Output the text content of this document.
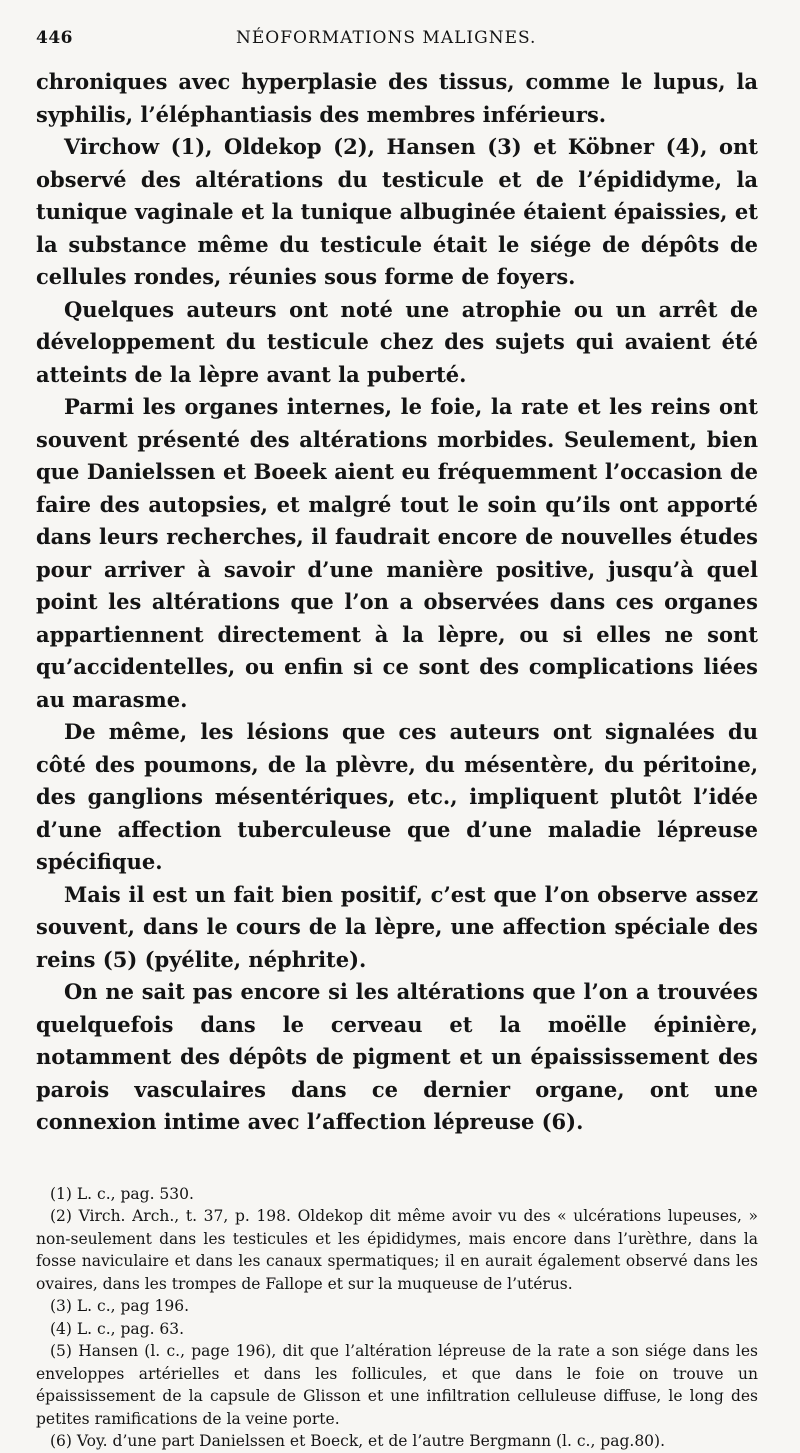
446	NÉOFORMATIONS MALIGNES.

chroniques avec hyperplasie des tissus, comme le lupus, la syphilis, l’éléphantiasis des membres inférieurs.

Virchow (1), Oldekop (2), Hansen (3) et Köbner (4), ont observé des altérations du testicule et de l’épididyme, la tunique vaginale et la tunique albuginée étaient épaissies, et la substance même du testicule était le siége de dépôts de cellules rondes, réunies sous forme de foyers.

Quelques auteurs ont noté une atrophie ou un arrêt de développement du testicule chez des sujets qui avaient été atteints de la lèpre avant la puberté.

Parmi les organes internes, le foie, la rate et les reins ont souvent présenté des altérations morbides. Seulement, bien que Danielssen et Boeek aient eu fréquemment l’occasion de faire des autopsies, et malgré tout le soin qu’ils ont apporté dans leurs recherches, il faudrait encore de nouvelles études pour arriver à savoir d’une manière positive, jusqu’à quel point les altérations que l’on a observées dans ces organes appartiennent directement à la lèpre, ou si elles ne sont qu’accidentelles, ou enfin si ce sont des complications liées au marasme.

De même, les lésions que ces auteurs ont signalées du côté des poumons, de la plèvre, du mésentère, du péritoine, des ganglions mésentériques, etc., impliquent plutôt l’idée d’une affection tuberculeuse que d’une maladie lépreuse spécifique.

Mais il est un fait bien positif, c’est que l’on observe assez souvent, dans le cours de la lèpre, une affection spéciale des reins (5) (pyélite, néphrite).

On ne sait pas encore si les altérations que l’on a trouvées quelquefois dans le cerveau et la moëlle épinière, notamment des dépôts de pigment et un épaississement des parois vasculaires dans ce dernier organe, ont une connexion intime avec l’affection lépreuse (6).

(1) L. c., pag. 530.

(2) Virch. Arch., t. 37, p. 198. Oldekop dit même avoir vu des « ulcérations lupeuses, » non-seulement dans les testicules et les épididymes, mais encore dans l’urèthre, dans la fosse naviculaire et dans les canaux spermatiques; il en aurait également observé dans les ovaires, dans les trompes de Fallope et sur la muqueuse de l’utérus.

(3) L. c., pag 196.

(4) L. c., pag. 63.

(5) Hansen (l. c., page 196), dit que l’altération lépreuse de la rate a son siége dans les enveloppes artérielles et dans les follicules, et que dans le foie on trouve un épaississement de la capsule de Glisson et une infiltration celluleuse diffuse, le long des petites ramifications de la veine porte.

(6) Voy. d’une part Danielssen et Boeck, et de l’autre Bergmann (l. c., pag.80).
